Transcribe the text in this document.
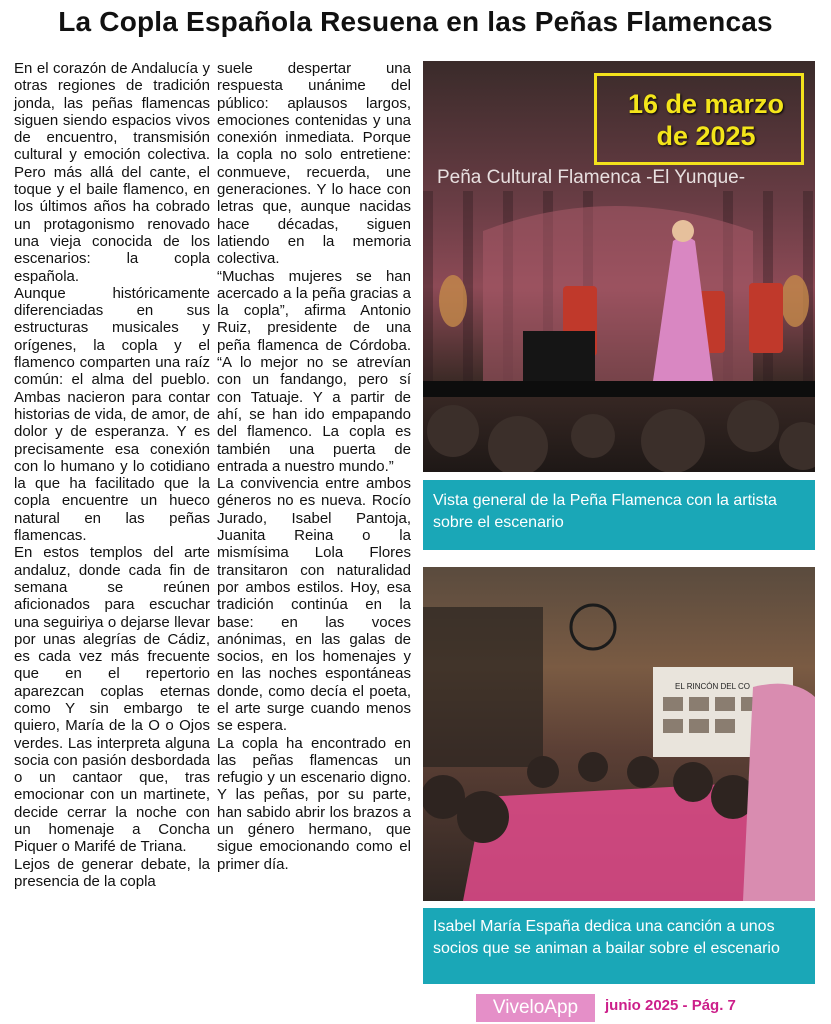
La Copla Española Resuena en las Peñas Flamencas

En el corazón de Andalucía y otras regiones de tradición jonda, las peñas flamencas siguen siendo espacios vivos de encuentro, transmisión cultural y emoción colectiva. Pero más allá del cante, el toque y el baile flamenco, en los últimos años ha cobrado un protagonismo renovado una vieja conocida de los escenarios: la copla española.

Aunque históricamente diferenciadas en sus estructuras musicales y orígenes, la copla y el flamenco comparten una raíz común: el alma del pueblo. Ambas nacieron para contar historias de vida, de amor, de dolor y de esperanza. Y es precisamente esa conexión con lo humano y lo cotidiano la que ha facilitado que la copla encuentre un hueco natural en las peñas flamencas.

En estos templos del arte andaluz, donde cada fin de semana se reúnen aficionados para escuchar una seguiriya o dejarse llevar por unas alegrías de Cádiz, es cada vez más frecuente que en el repertorio aparezcan coplas eternas como Y sin embargo te quiero, María de la O o Ojos verdes. Las interpreta alguna socia con pasión desbordada o un cantaor que, tras emocionar con un martinete, decide cerrar la noche con un homenaje a Concha Piquer o Marifé de Triana.

Lejos de generar debate, la presencia de la copla

suele despertar una respuesta unánime del público: aplausos largos, emociones contenidas y una conexión inmediata. Porque la copla no solo entretiene: conmueve, recuerda, une generaciones. Y lo hace con letras que, aunque nacidas hace décadas, siguen latiendo en la memoria colectiva.

“Muchas mujeres se han acercado a la peña gracias a la copla”, afirma Antonio Ruiz, presidente de una peña flamenca de Córdoba. “A lo mejor no se atrevían con un fandango, pero sí con Tatuaje. Y a partir de ahí, se han ido empapando del flamenco. La copla es también una puerta de entrada a nuestro mundo.”

La convivencia entre ambos géneros no es nueva. Rocío Jurado, Isabel Pantoja, Juanita Reina o la mismísima Lola Flores transitaron con naturalidad por ambos estilos. Hoy, esa tradición continúa en la base: en las voces anónimas, en las galas de socios, en los homenajes y en las noches espontáneas donde, como decía el poeta, el arte surge cuando menos se espera.

La copla ha encontrado en las peñas flamencas un refugio y un escenario digno. Y las peñas, por su parte, han sabido abrir los brazos a un género hermano, que sigue emocionando como el primer día.

Peña Cultural Flamenca -El Yunque-
16 de marzo
de 2025
Vista general de la Peña Flamenca con la artista sobre el escenario
EL RINCÓN DEL CO
Isabel María España dedica una canción a unos socios que se animan a bailar sobre el escenario
ViveloApp	junio 2025 - Pág. 7
